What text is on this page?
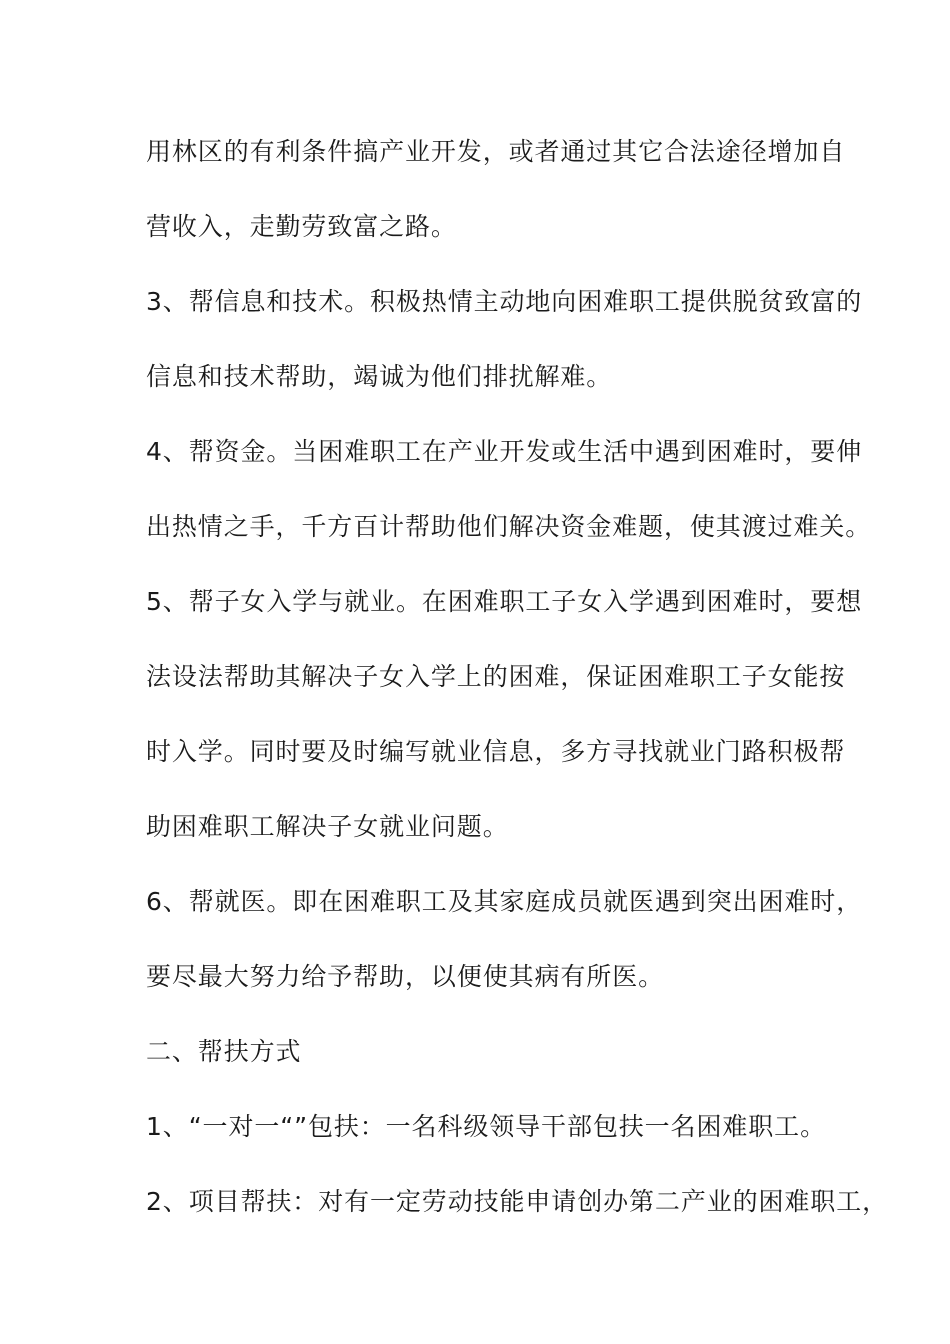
用林区的有利条件搞产业开发，或者通过其它合法途径增加自
营收入，走勤劳致富之路。
3、帮信息和技术。积极热情主动地向困难职工提供脱贫致富的
信息和技术帮助，竭诚为他们排扰解难。
4、帮资金。当困难职工在产业开发或生活中遇到困难时，要伸
出热情之手，千方百计帮助他们解决资金难题，使其渡过难关。
5、帮子女入学与就业。在困难职工子女入学遇到困难时，要想
法设法帮助其解决子女入学上的困难，保证困难职工子女能按
时入学。同时要及时编写就业信息，多方寻找就业门路积极帮
助困难职工解决子女就业问题。
6、帮就医。即在困难职工及其家庭成员就医遇到突出困难时，
要尽最大努力给予帮助，以便使其病有所医。
二、帮扶方式
1、“一对一“”包扶：一名科级领导干部包扶一名困难职工。
2、项目帮扶：对有一定劳动技能申请创办第二产业的困难职工，
